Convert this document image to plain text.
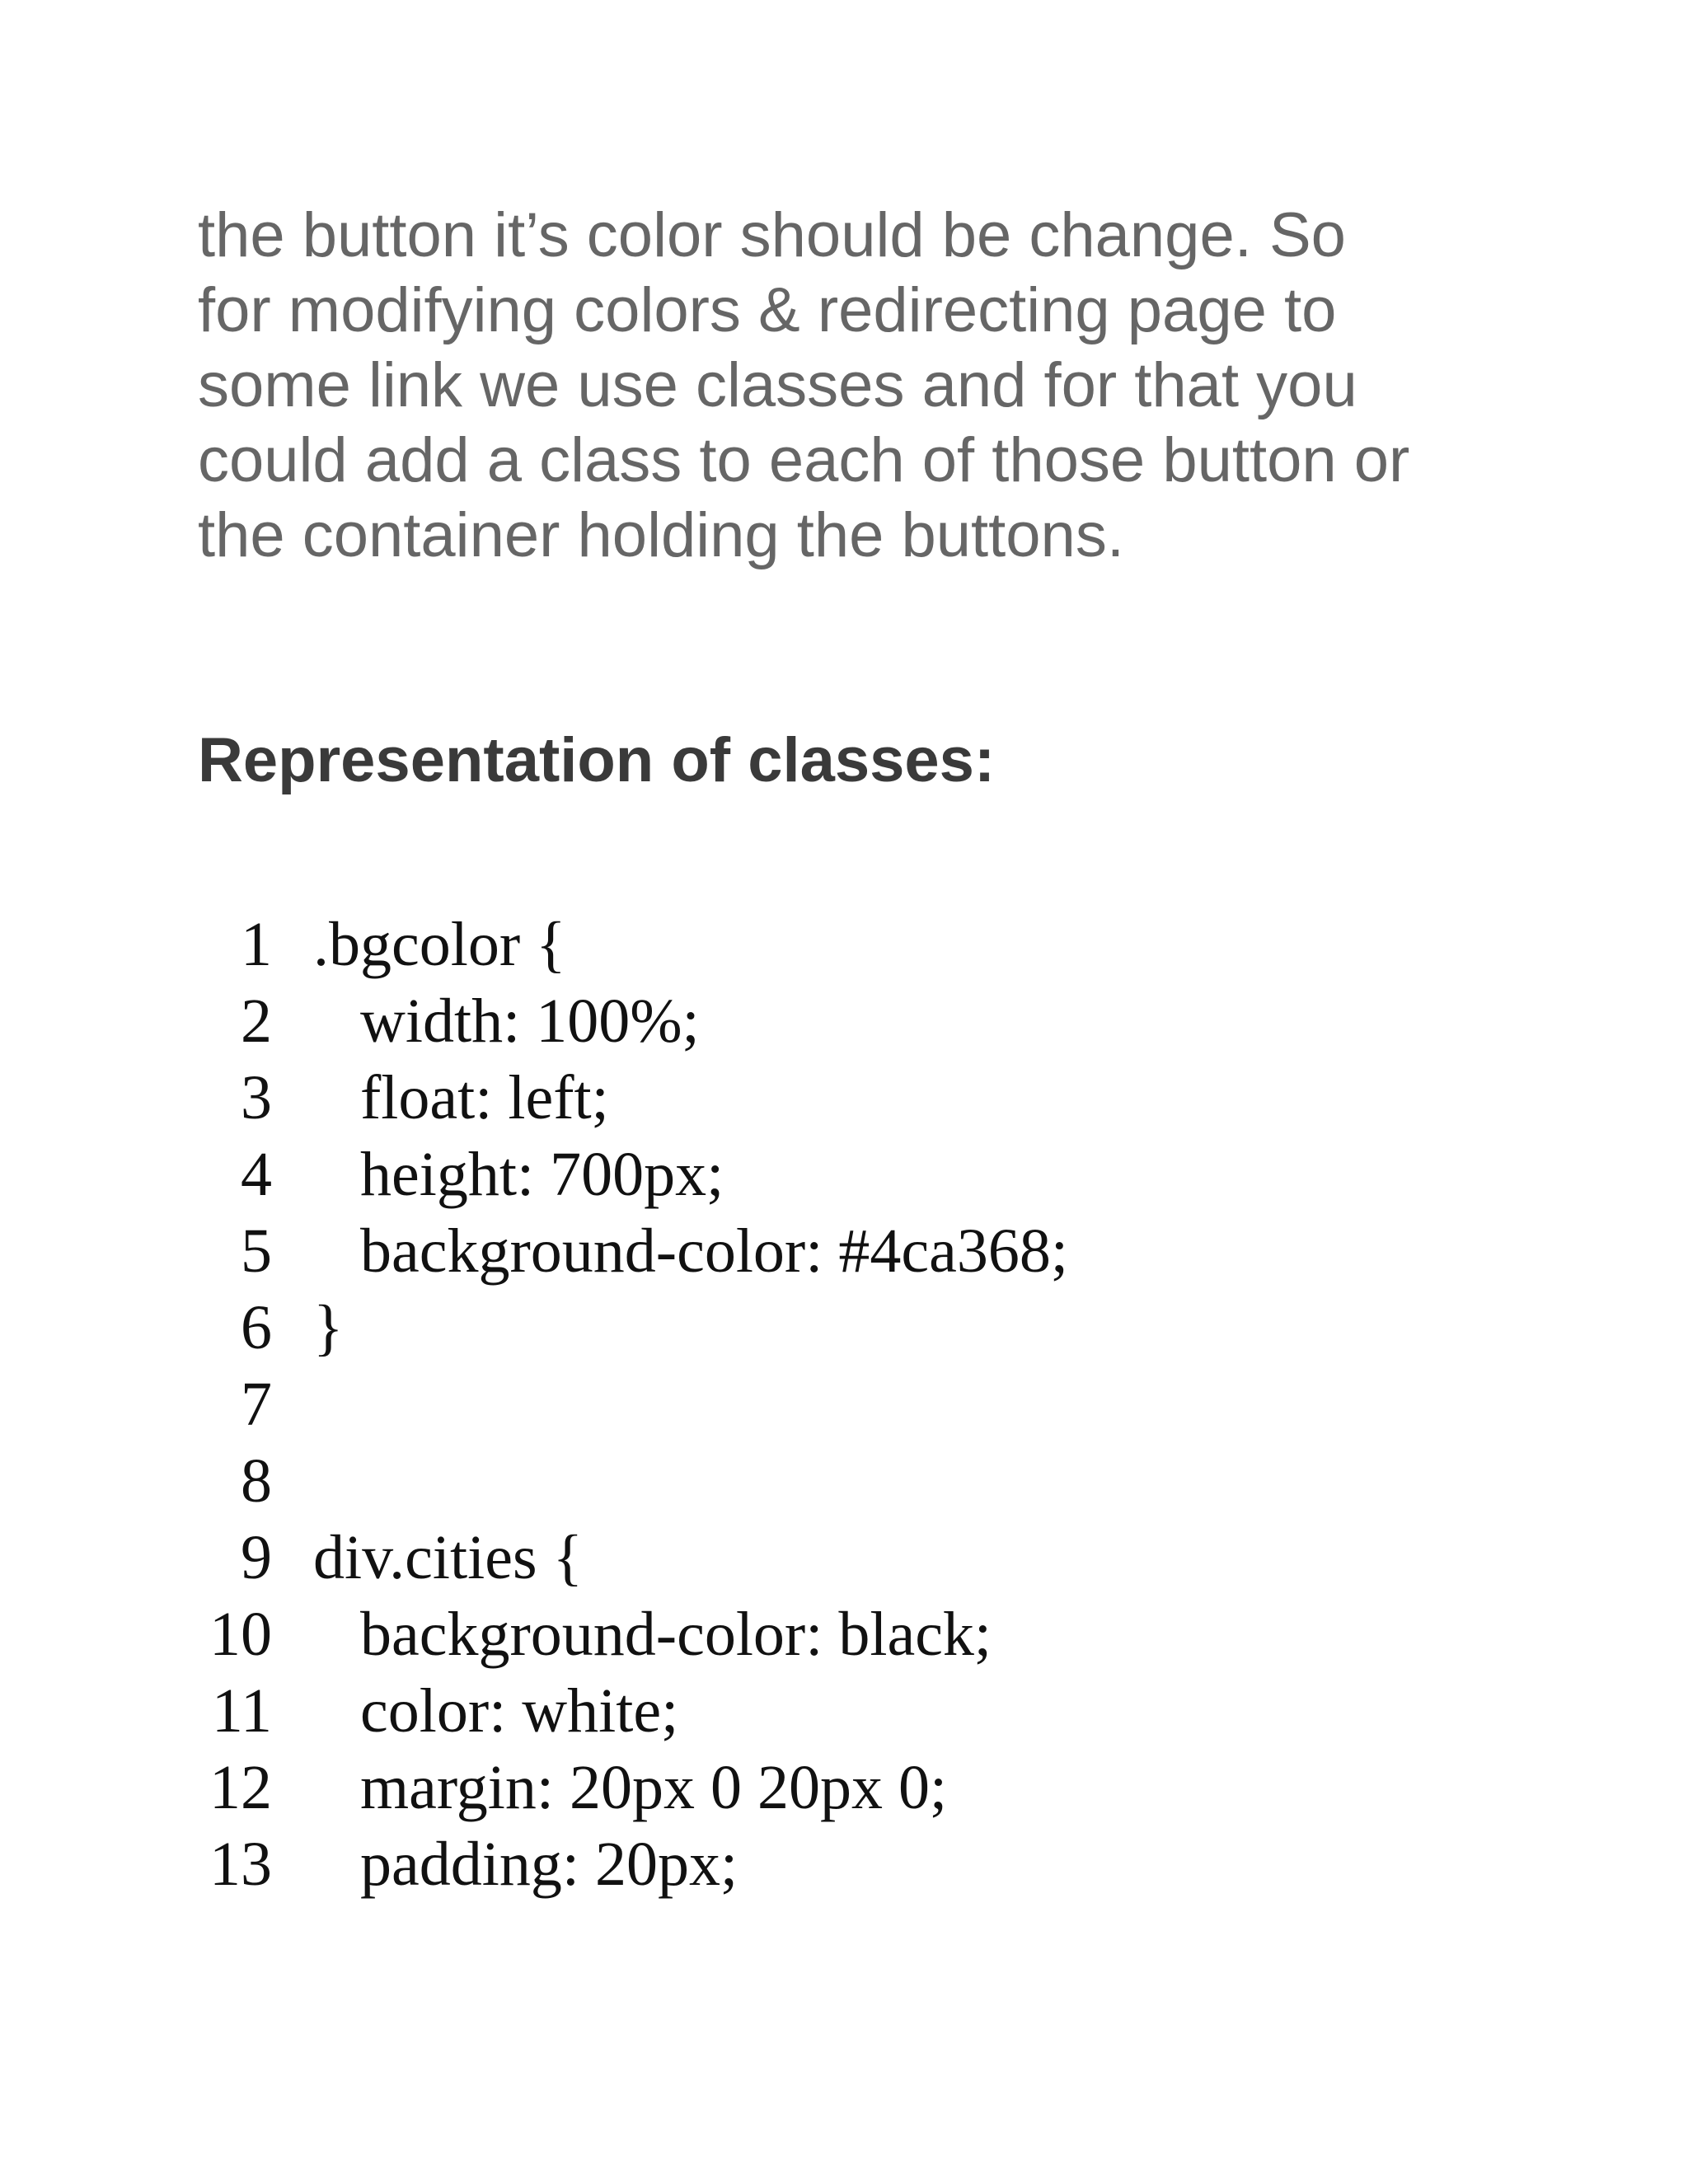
the button it’s color should be change. So
for modifying colors & redirecting page to
some link we use classes and for that you
could add a class to each of those button or
the container holding the buttons.

Representation of classes:
1 .bgcolor {
2 width: 100%;
3 float: left;
4 height: 700px;
5 background-color: #4ca368;
6 }
7
8
9 div.cities {
10 background-color: black;
11 color: white;
12 margin: 20px 0 20px 0;
13 padding: 20px;
